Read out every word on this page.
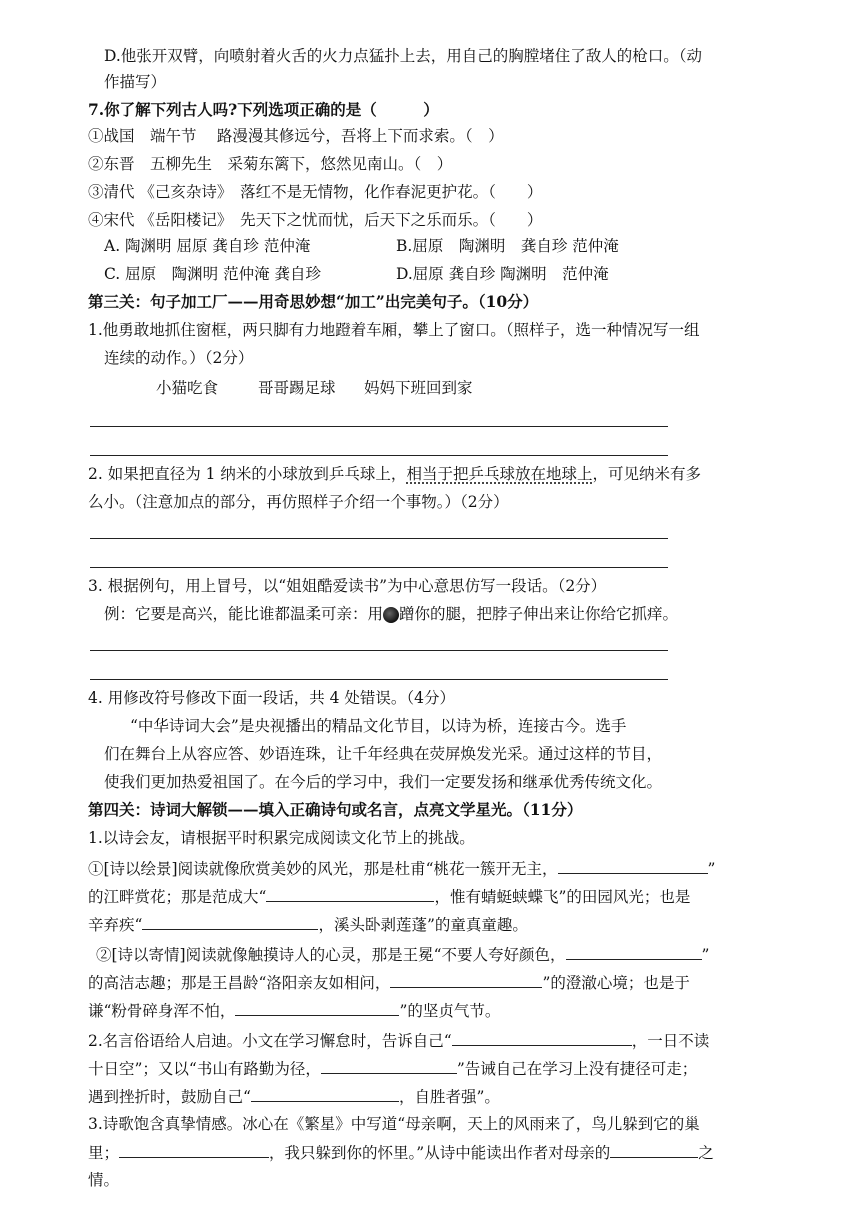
D.他张开双臂，向喷射着火舌的火力点猛扑上去，用自己的胸膛堵住了敌人的枪口。（动
作描写）
7.你了解下列古人吗?下列选项正确的是（　　　）
①战国　端午节　 路漫漫其修远兮，吾将上下而求索。（　）
②东晋　五柳先生　采菊东篱下，悠然见南山。（　）
③清代 《己亥杂诗》　落红不是无情物，化作春泥更护花。（　　）
④宋代 《岳阳楼记》　先天下之忧而忧，后天下之乐而乐。（　　）
A. 陶渊明 屈原 龚自珍 范仲淹	B.屈原　陶渊明　龚自珍 范仲淹
C. 屈原　陶渊明 范仲淹 龚自珍	D.屈原 龚自珍 陶渊明　范仲淹
第三关：句子加工厂——用奇思妙想“加工”出完美句子。（10分）
1.他勇敢地抓住窗框，两只脚有力地蹬着车厢，攀上了窗口。（照样子，选一种情况写一组
连续的动作。）（2分）
小猫吃食	哥哥踢足球 妈妈下班回到家
2. 如果把直径为 1 纳米的小球放到乒乓球上，相当于把乒乓球放在地球上，可见纳米有多
么小。（注意加点的部分，再仿照样子介绍一个事物。）（2分）
3. 根据例句，用上冒号，以“姐姐酷爱读书”为中心意思仿写一段话。（2分）
例：它要是高兴，能比谁都温柔可亲：用 蹭你的腿，把脖子伸出来让你给它抓痒。
4. 用修改符号修改下面一段话，共 4 处错误。（4分）
“中华诗词大会”是央视播出的精品文化节目，以诗为桥，连接古今。选手
们在舞台上从容应答、妙语连珠，让千年经典在荧屏焕发光采。通过这样的节目，
使我们更加热爱祖国了。在今后的学习中，我们一定要发扬和继承优秀传统文化。
第四关：诗词大解锁——填入正确诗句或名言，点亮文学星光。（11分）
1.以诗会友，请根据平时积累完成阅读文化节上的挑战。
①[诗以绘景]阅读就像欣赏美妙的风光，那是杜甫“桃花一簇开无主，	”
的江畔赏花；那是范成大“	，惟有蜻蜓蛱蝶飞”的田园风光；也是
辛弃疾“	，溪头卧剥莲蓬”的童真童趣。
②[诗以寄情]阅读就像触摸诗人的心灵，那是王冕“不要人夸好颜色，	”
的高洁志趣；那是王昌龄“洛阳亲友如相问，	”的澄澈心境；也是于
谦“粉骨碎身浑不怕，	”的坚贞气节。
2.名言俗语给人启迪。小文在学习懈怠时，告诉自己“	，一日不读
十日空”；又以“书山有路勤为径，	”告诫自己在学习上没有捷径可走；
遇到挫折时，鼓励自己“	，自胜者强”。
3.诗歌饱含真挚情感。冰心在《繁星》中写道“母亲啊，天上的风雨来了，鸟儿躲到它的巢
里；	，我只躲到你的怀里。”从诗中能读出作者对母亲的	之
情。
